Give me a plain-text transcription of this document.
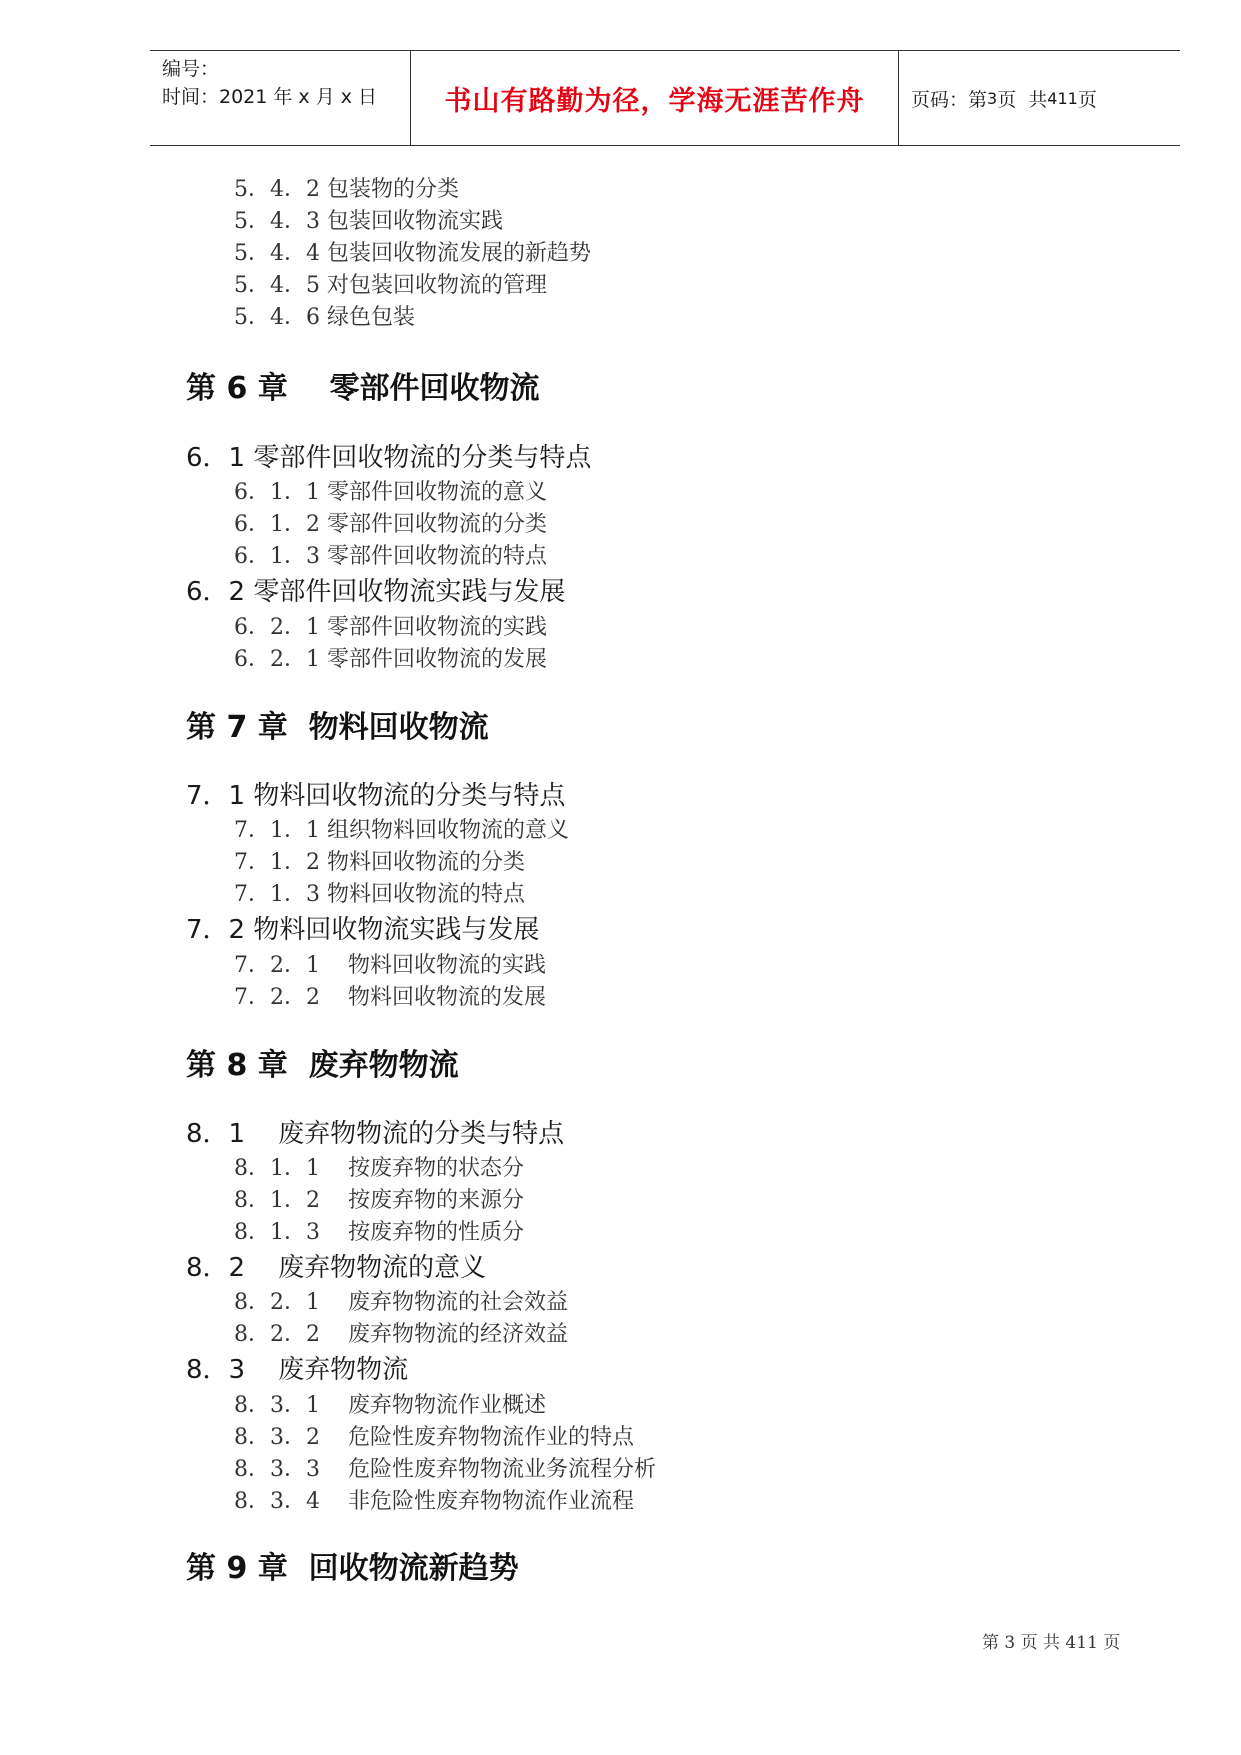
编号：
时间：2021 年 x 月 x 日	书山有路勤为径，学海无涯苦作舟	页码：第 3 页  共 411 页
5．4．2 包装物的分类
5．4．3 包装回收物流实践
5．4．4 包装回收物流发展的新趋势
5．4．5 对包装回收物流的管理
5．4．6 绿色包装
第 6 章    零部件回收物流
6．1 零部件回收物流的分类与特点
6．1．1 零部件回收物流的意义
6．1．2 零部件回收物流的分类
6．1．3 零部件回收物流的特点
6．2 零部件回收物流实践与发展
6．2．1 零部件回收物流的实践
6．2．1 零部件回收物流的发展
第 7 章  物料回收物流
7．1 物料回收物流的分类与特点
7．1．1 组织物料回收物流的意义
7．1．2 物料回收物流的分类
7．1．3 物料回收物流的特点
7．2 物料回收物流实践与发展
7．2．1    物料回收物流的实践
7．2．2    物料回收物流的发展
第 8 章  废弃物物流
8．1    废弃物物流的分类与特点
8．1．1    按废弃物的状态分
8．1．2    按废弃物的来源分
8．1．3    按废弃物的性质分
8．2    废弃物物流的意义
8．2．1    废弃物物流的社会效益
8．2．2    废弃物物流的经济效益
8．3    废弃物物流
8．3．1    废弃物物流作业概述
8．3．2    危险性废弃物物流作业的特点
8．3．3    危险性废弃物物流业务流程分析
8．3．4    非危险性废弃物物流作业流程
第 9 章  回收物流新趋势
第 3 页 共 411 页
